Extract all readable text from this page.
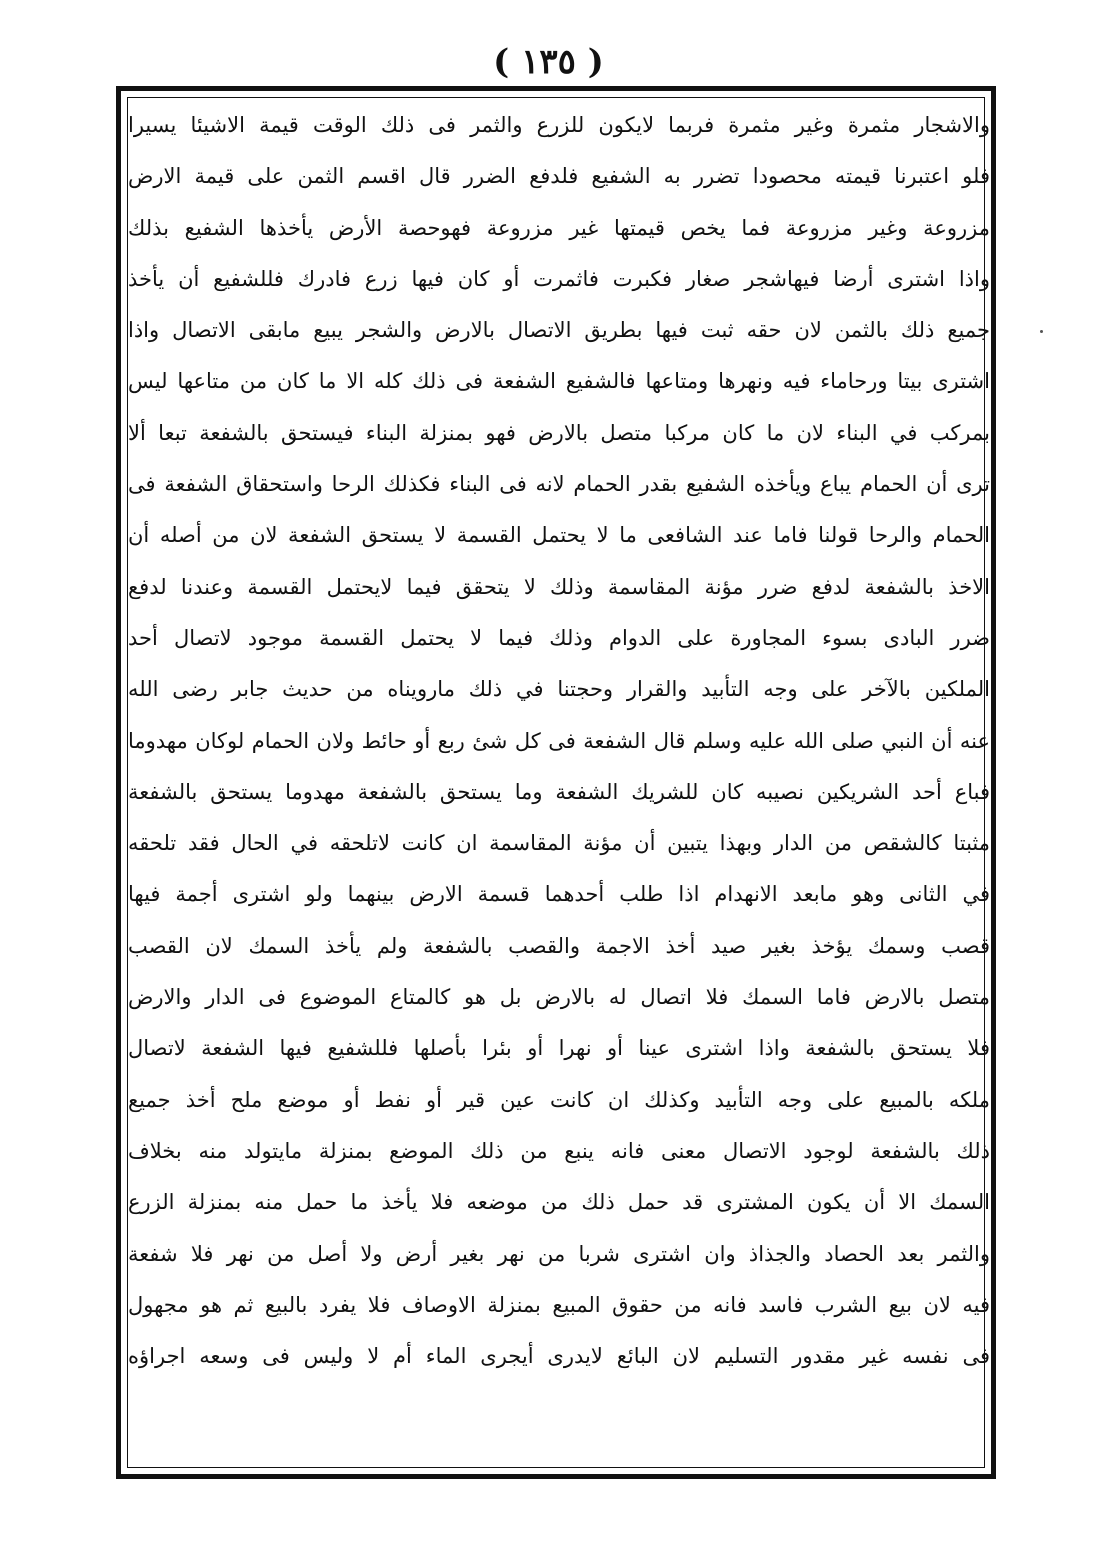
( ١٣٥ )
والاشجار مثمرة وغير مثمرة فربما لايكون للزرع والثمر فى ذلك الوقت قيمة الاشيئا يسيرا
فلو اعتبرنا قيمته محصودا تضرر به الشفيع فلدفع الضرر قال اقسم الثمن على قيمة الارض
مزروعة وغير مزروعة فما يخص قيمتها غير مزروعة فهوحصة الأرض يأخذها الشفيع بذلك
واذا اشترى أرضا فيهاشجر صغار فكبرت فاثمرت أو كان فيها زرع فادرك فللشفيع أن يأخذ
جميع ذلك بالثمن لان حقه ثبت فيها بطريق الاتصال بالارض والشجر يبيع مابقى الاتصال واذا
اشترى بيتا ورحاماء فيه ونهرها ومتاعها فالشفيع الشفعة فى ذلك كله الا ما كان من متاعها ليس
بمركب في البناء لان ما كان مركبا متصل بالارض فهو بمنزلة البناء فيستحق بالشفعة تبعا ألا
ترى أن الحمام يباع ويأخذه الشفيع بقدر الحمام لانه فى البناء فكذلك الرحا واستحقاق الشفعة فى
الحمام والرحا قولنا فاما عند الشافعى ما لا يحتمل القسمة لا يستحق الشفعة لان من أصله أن
الاخذ بالشفعة لدفع ضرر مؤنة المقاسمة وذلك لا يتحقق فيما لايحتمل القسمة وعندنا لدفع
ضرر البادى بسوء المجاورة على الدوام وذلك فيما لا يحتمل القسمة موجود لاتصال أحد
الملكين بالآخر على وجه التأبيد والقرار وحجتنا في ذلك مارويناه من حديث جابر رضى الله
عنه أن النبي صلى الله عليه وسلم قال الشفعة فى كل شئ ربع أو حائط ولان الحمام لوكان مهدوما
فباع أحد الشريكين نصيبه كان للشريك الشفعة وما يستحق بالشفعة مهدوما يستحق بالشفعة
مثبتا كالشقص من الدار وبهذا يتبين أن مؤنة المقاسمة ان كانت لاتلحقه في الحال فقد تلحقه
في الثانى وهو مابعد الانهدام اذا طلب أحدهما قسمة الارض بينهما ولو اشترى أجمة فيها
قصب وسمك يؤخذ بغير صيد أخذ الاجمة والقصب بالشفعة ولم يأخذ السمك لان القصب
متصل بالارض فاما السمك فلا اتصال له بالارض بل هو كالمتاع الموضوع فى الدار والارض
فلا يستحق بالشفعة واذا اشترى عينا أو نهرا أو بئرا بأصلها فللشفيع فيها الشفعة لاتصال
ملكه بالمبيع على وجه التأبيد وكذلك ان كانت عين قير أو نفط أو موضع ملح أخذ جميع
ذلك بالشفعة لوجود الاتصال معنى فانه ينبع من ذلك الموضع بمنزلة مايتولد منه بخلاف
السمك الا أن يكون المشترى قد حمل ذلك من موضعه فلا يأخذ ما حمل منه بمنزلة الزرع
والثمر بعد الحصاد والجذاذ وان اشترى شربا من نهر بغير أرض ولا أصل من نهر فلا شفعة
فيه لان بيع الشرب فاسد فانه من حقوق المبيع بمنزلة الاوصاف فلا يفرد بالبيع ثم هو مجهول
فى نفسه غير مقدور التسليم لان البائع لايدرى أيجرى الماء أم لا وليس فى وسعه اجراؤه
